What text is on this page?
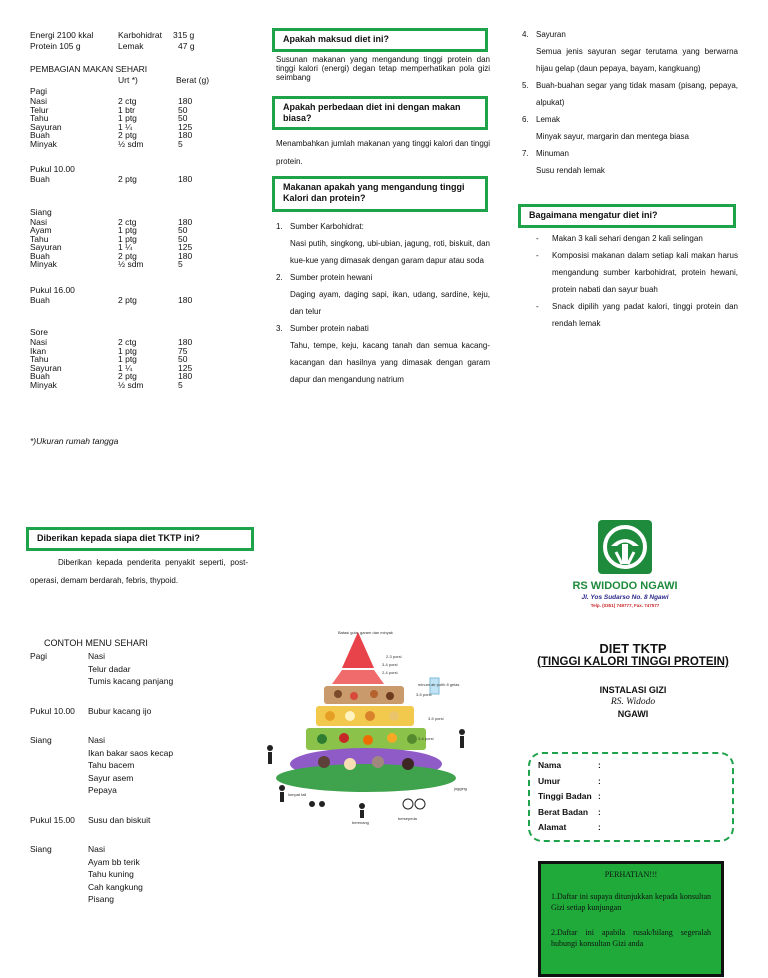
Energi 2100 kkal	Karbohidrat 315 g
Protein 105 g	Lemak	47 g
PEMBAGIAN MAKAN SEHARI
Urt *)	Berat (g)
Pagi
Nasi	2 ctg	180
Telur	1 btr	50
Tahu	1 ptg	50
Sayuran	1 ¼	125
Buah	2 ptg	180
Minyak	½ sdm	5
Pukul 10.00
Buah	2 ptg	180
Siang
Nasi	2 ctg	180
Ayam	1 ptg	50
Tahu	1 ptg	50
Sayuran	1 ¼	125
Buah	2 ptg	180
Minyak	½ sdm	5
Pukul 16.00
Buah	2 ptg	180
Sore
Nasi	2 ctg	180
Ikan	1 ptg	75
Tahu	1 ptg	50
Sayuran	1 ¼	125
Buah	2 ptg	180
Minyak	½ sdm	5
*)Ukuran rumah tangga
Apakah maksud diet ini?
Susunan makanan yang mengandung tinggi protein dan tinggi kalori (energi) degan tetap memperhatikan pola gizi seimbang
Apakah perbedaan diet ini dengan makan biasa?
Menambahkan jumlah makanan yang tinggi kalori dan tinggi protein.
Makanan apakah yang mengandung tinggi Kalori dan protein?
1. Sumber Karbohidrat:
Nasi putih, singkong, ubi-ubian, jagung, roti, biskuit, dan kue-kue yang dimasak dengan garam dapur atau soda
2. Sumber protein hewani
Daging ayam, daging sapi, ikan, udang, sardine, keju, dan telur
3. Sumber protein nabati
Tahu, tempe, keju, kacang tanah dan semua kacang-kacangan dan hasilnya yang dimasak dengan garam dapur dan mengandung natrium
4. Sayuran
Semua jenis sayuran segar terutama yang berwarna hijau gelap (daun pepaya, bayam, kangkuang)
5. Buah-buahan segar yang tidak masam (pisang, pepaya, alpukat)
6. Lemak
Minyak sayur, margarin dan mentega biasa
7. Minuman
Susu rendah lemak
Bagaimana mengatur diet ini?
- Makan 3 kali sehari dengan 2 kali selingan
- Komposisi makanan dalam setiap kali makan harus mengandung sumber karbohidrat, protein hewani, protein nabati dan sayur buah
- Snack dipilih yang padat kalori, tinggi protein dan rendah lemak
Diberikan kepada siapa diet TKTP ini?
Diberikan kepada penderita penyakit seperti, post-operasi, demam berdarah, febris, thypoid.
CONTOH MENU SEHARI
Pagi	Nasi
Telur dadar
Tumis kacang panjang
Pukul 10.00 Bubur kacang ijo
Siang	Nasi
Ikan bakar saos kecap
Tahu bacem
Sayur asem
Pepaya
Pukul 15.00 Susu dan biskuit
Siang	Nasi
Ayam bb terik
Tahu kuning
Cah kangkung
Pisang
Batasi gula, garam dan minyak
2-3 porsi
3-4 porsi
2-4 porsi
3-5 porsi
3-5 porsi
3-4 porsi
minum air putih 8 gelas
bersepeda
berenang
lompat tali
jogging
RS WIDODO NGAWI
Jl. Yos Sudarso No. 8 Ngawi
Telp. (0351) 749777, Fax. 747577
DIET TKTP
(TINGGI KALORI TINGGI PROTEIN)
INSTALASI GIZI
RS. Widodo
NGAWI
Nama	:
Umur	:
Tinggi Badan :
Berat Badan :
Alamat	:
PERHATIAN!!!
1.Daftar ini supaya ditunjukkan kepada konsultan Gizi setiap kunjungan
2.Daftar ini apabila rusak/hilang segeralah hubungi konsultan Gizi anda
